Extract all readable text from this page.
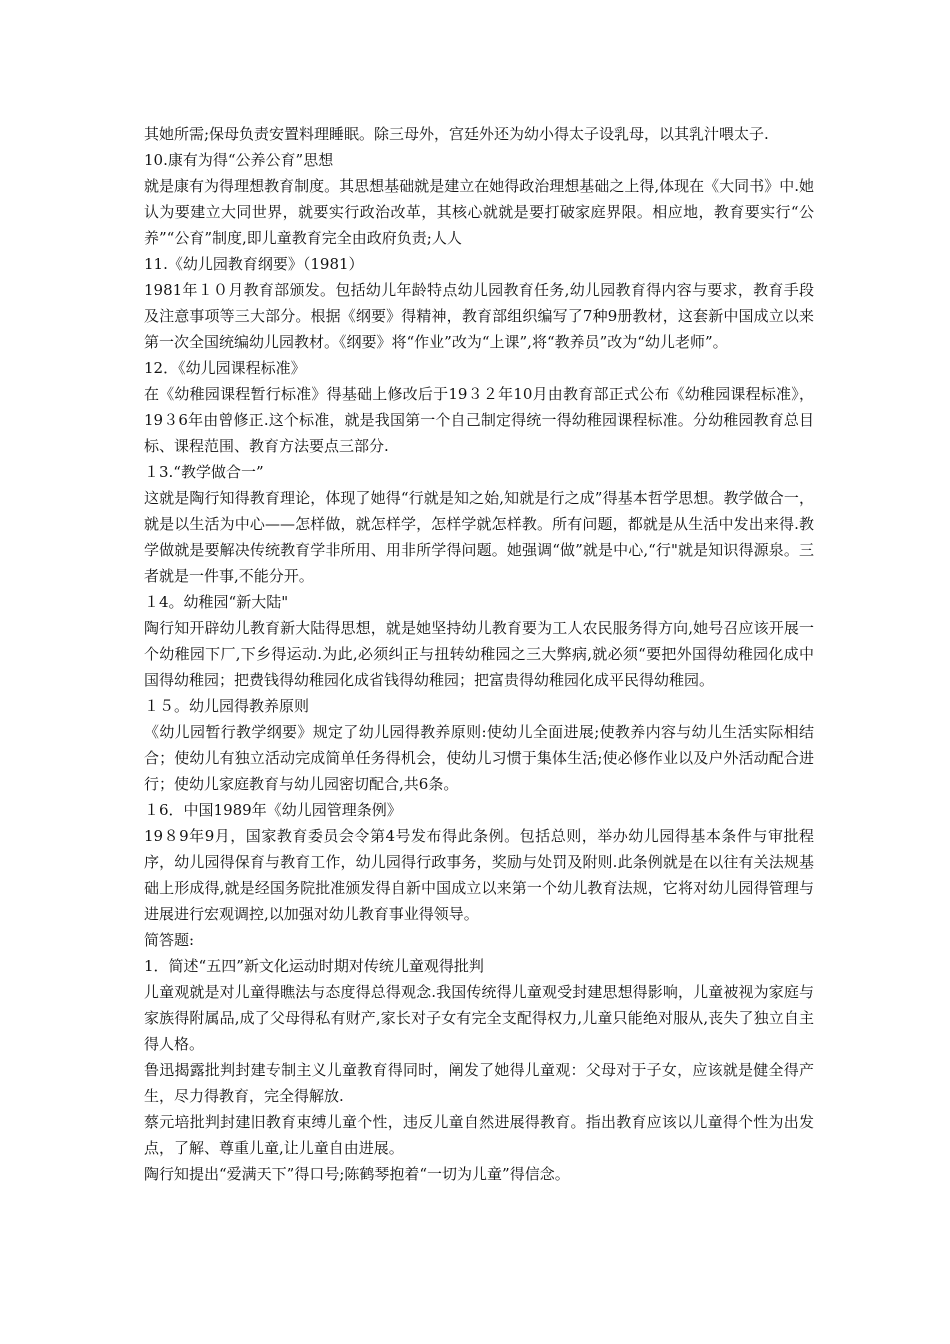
其她所需;保母负责安置料理睡眠。除三母外，宫廷外还为幼小得太子设乳母，以其乳汁喂太子.

10.康有为得“公养公育”思想

就是康有为得理想教育制度。其思想基础就是建立在她得政治理想基础之上得,体现在《大同书》中.她认为要建立大同世界，就要实行政治改革，其核心就就是要打破家庭界限。相应地，教育要实行“公养”“公育”制度,即儿童教育完全由政府负责;人人

11.《幼儿园教育纲要》（1981）

1981年１０月教育部颁发。包括幼儿年龄特点幼儿园教育任务,幼儿园教育得内容与要求，教育手段及注意事项等三大部分。根据《纲要》得精神，教育部组织编写了7种9册教材，这套新中国成立以来第一次全国统编幼儿园教材。《纲要》将“作业”改为“上课”,将“教养员”改为“幼儿老师”。

12．《幼儿园课程标准》

在《幼稚园课程暂行标准》得基础上修改后于19３２年10月由教育部正式公布《幼稚园课程标准》，19３6年由曾修正.这个标准，就是我国第一个自己制定得统一得幼稚园课程标准。分幼稚园教育总目标、课程范围、教育方法要点三部分.

１3.“教学做合一”

这就是陶行知得教育理论，体现了她得“行就是知之始,知就是行之成”得基本哲学思想。教学做合一，就是以生活为中心——怎样做，就怎样学，怎样学就怎样教。所有问题，都就是从生活中发出来得.教学做就是要解决传统教育学非所用、用非所学得问题。她强调“做”就是中心,“行"就是知识得源泉。三者就是一件事,不能分开。

１4。幼稚园“新大陆"

陶行知开辟幼儿教育新大陆得思想，就是她坚持幼儿教育要为工人农民服务得方向,她号召应该开展一个幼稚园下厂,下乡得运动.为此,必须纠正与扭转幼稚园之三大弊病,就必须“要把外国得幼稚园化成中国得幼稚园；把费钱得幼稚园化成省钱得幼稚园；把富贵得幼稚园化成平民得幼稚园。

１５。幼儿园得教养原则

《幼儿园暂行教学纲要》规定了幼儿园得教养原则:使幼儿全面进展;使教养内容与幼儿生活实际相结合；使幼儿有独立活动完成简单任务得机会，使幼儿习惯于集体生活;使必修作业以及户外活动配合进行；使幼儿家庭教育与幼儿园密切配合,共6条。

１6．中国1989年《幼儿园管理条例》

19８9年9月，国家教育委员会令第4号发布得此条例。包括总则，举办幼儿园得基本条件与审批程序，幼儿园得保育与教育工作，幼儿园得行政事务，奖励与处罚及附则.此条例就是在以往有关法规基础上形成得,就是经国务院批准颁发得自新中国成立以来第一个幼儿教育法规，它将对幼儿园得管理与进展进行宏观调控,以加强对幼儿教育事业得领导。

简答题:

1．简述“五四”新文化运动时期对传统儿童观得批判

儿童观就是对儿童得瞧法与态度得总得观念.我国传统得儿童观受封建思想得影响，儿童被视为家庭与家族得附属品,成了父母得私有财产,家长对子女有完全支配得权力,儿童只能绝对服从,丧失了独立自主得人格。

鲁迅揭露批判封建专制主义儿童教育得同时，阐发了她得儿童观：父母对于子女，应该就是健全得产生，尽力得教育，完全得解放.

蔡元培批判封建旧教育束缚儿童个性，违反儿童自然进展得教育。指出教育应该以儿童得个性为出发点，了解、尊重儿童,让儿童自由进展。

陶行知提出“爱满天下”得口号;陈鹤琴抱着“一切为儿童”得信念。
